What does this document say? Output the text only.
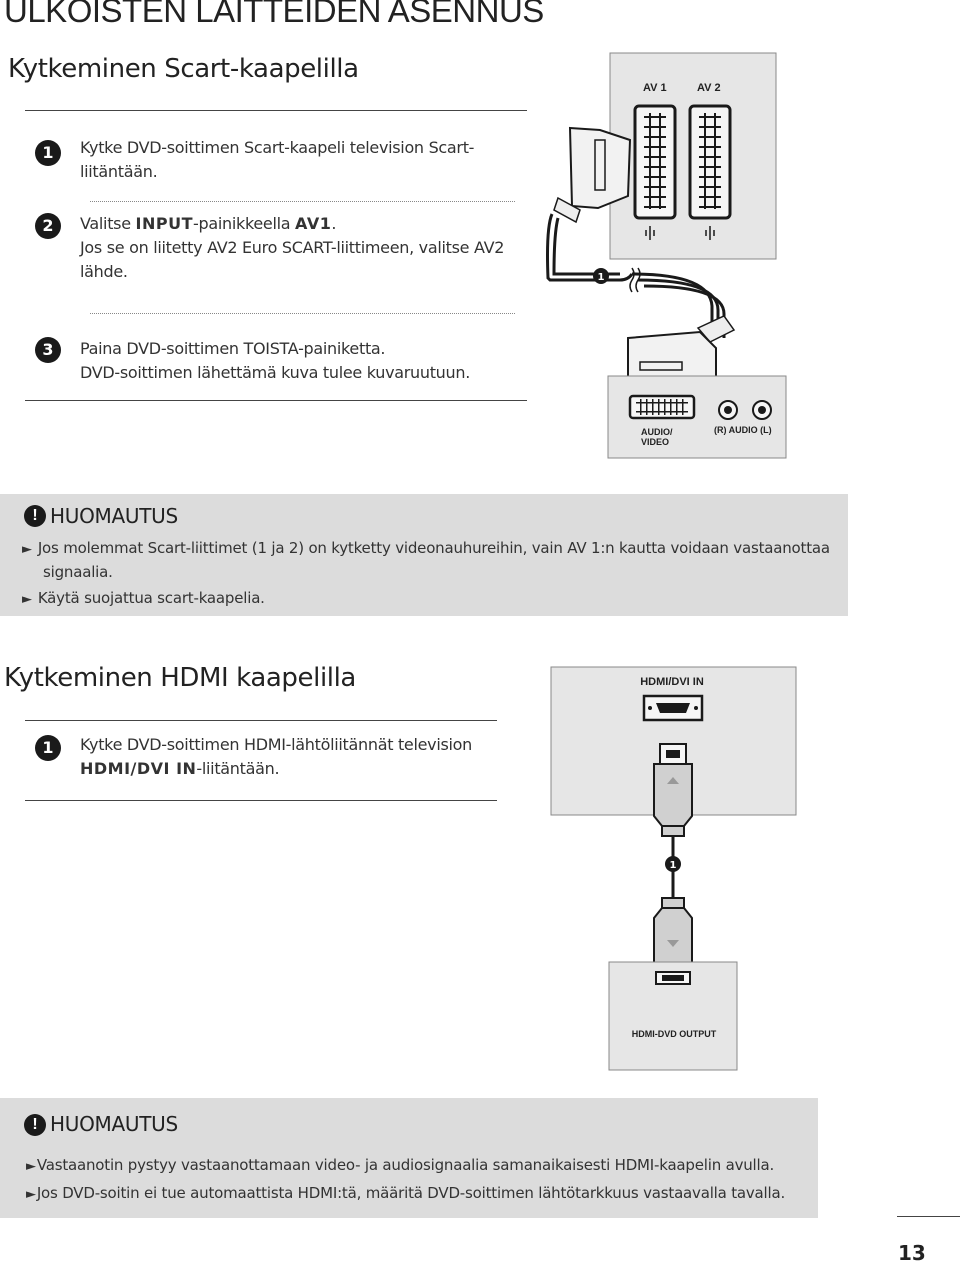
ULKOISTEN LAITTEIDEN ASENNUS
Kytkeminen Scart-kaapelilla
1	Kytke DVD-soittimen Scart-kaapeli television Scart-liitäntään.
2	Valitse INPUT-painikkeella AV1.
Jos se on liitetty AV2 Euro SCART-liittimeen, valitse AV2
lähde.
3	Paina DVD-soittimen TOISTA-painiketta.
DVD-soittimen lähettämä kuva tulee kuvaruutuun.
AV 1	AV 2
1
AUDIO/
VIDEO
(R) AUDIO (L)
! HUOMAUTUS
► Jos molemmat Scart-liittimet (1 ja 2) on kytketty videonauhureihin, vain AV 1:n kautta voidaan vastaanottaa
signaalia.
► Käytä suojattua scart-kaapelia.
Kytkeminen HDMI kaapelilla
1	Kytke DVD-soittimen HDMI-lähtöliitännät television
HDMI/DVI IN-liitäntään.
HDMI/DVI IN
1
HDMI-DVD OUTPUT
! HUOMAUTUS
►Vastaanotin pystyy vastaanottamaan video- ja audiosignaalia samanaikaisesti HDMI-kaapelin avulla.
►Jos DVD-soitin ei tue automaattista HDMI:tä, määritä DVD-soittimen lähtötarkkuus vastaavalla tavalla.
13
